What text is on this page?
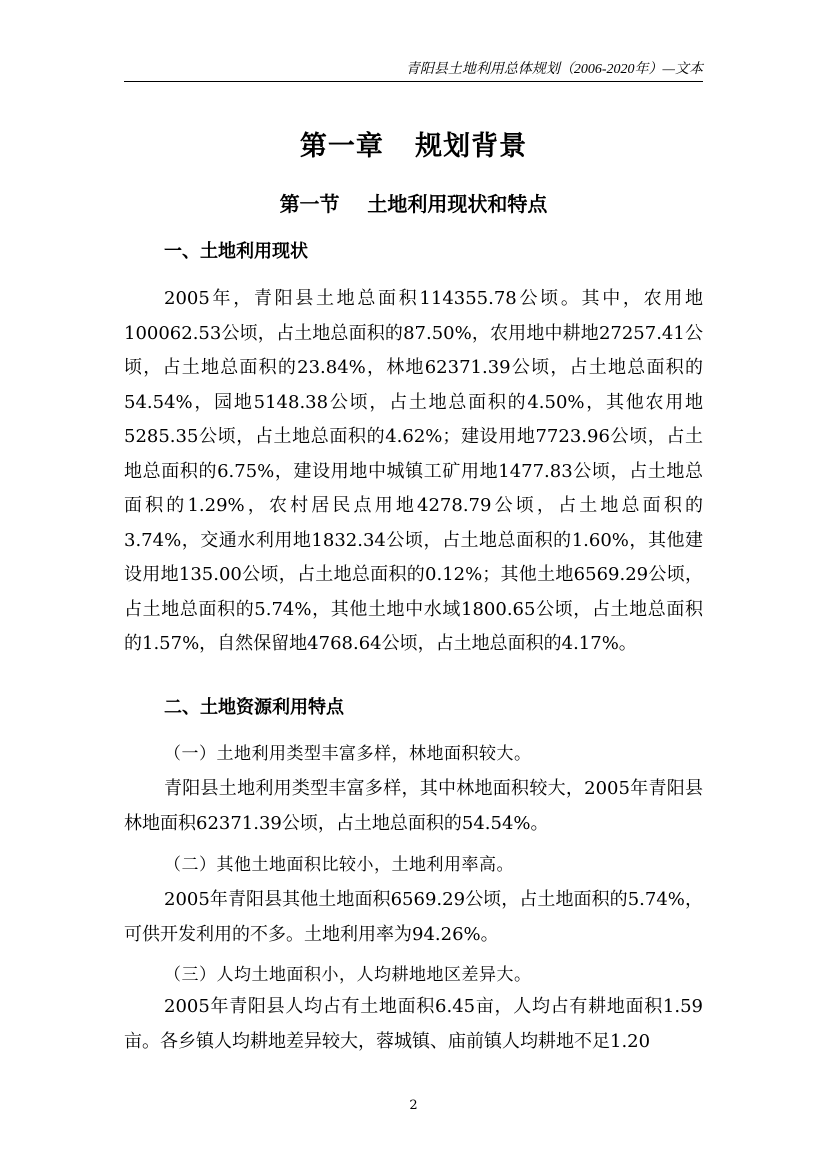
青阳县土地利用总体规划（2006-2020年）—文本
第一章   规划背景
第一节    土地利用现状和特点
一、土地利用现状

2005年，青阳县土地总面积114355.78公顷。其中，农用地100062.53公顷，占土地总面积的87.50%，农用地中耕地27257.41公顷，占土地总面积的23.84%，林地62371.39公顷，占土地总面积的54.54%，园地5148.38公顷，占土地总面积的4.50%，其他农用地5285.35公顷，占土地总面积的4.62%；建设用地7723.96公顷，占土地总面积的6.75%，建设用地中城镇工矿用地1477.83公顷，占土地总面积的1.29%，农村居民点用地4278.79公顷，占土地总面积的3.74%，交通水利用地1832.34公顷，占土地总面积的1.60%，其他建设用地135.00公顷，占土地总面积的0.12%；其他土地6569.29公顷，占土地总面积的5.74%，其他土地中水域1800.65公顷，占土地总面积的1.57%，自然保留地4768.64公顷，占土地总面积的4.17%。

二、土地资源利用特点
（一）土地利用类型丰富多样，林地面积较大。

青阳县土地利用类型丰富多样，其中林地面积较大，2005年青阳县林地面积62371.39公顷，占土地总面积的54.54%。

（二）其他土地面积比较小，土地利用率高。

2005年青阳县其他土地面积6569.29公顷，占土地面积的5.74%，可供开发利用的不多。土地利用率为94.26%。

（三）人均土地面积小，人均耕地地区差异大。

2005年青阳县人均占有土地面积6.45亩，人均占有耕地面积1.59亩。各乡镇人均耕地差异较大，蓉城镇、庙前镇人均耕地不足1.20

2
